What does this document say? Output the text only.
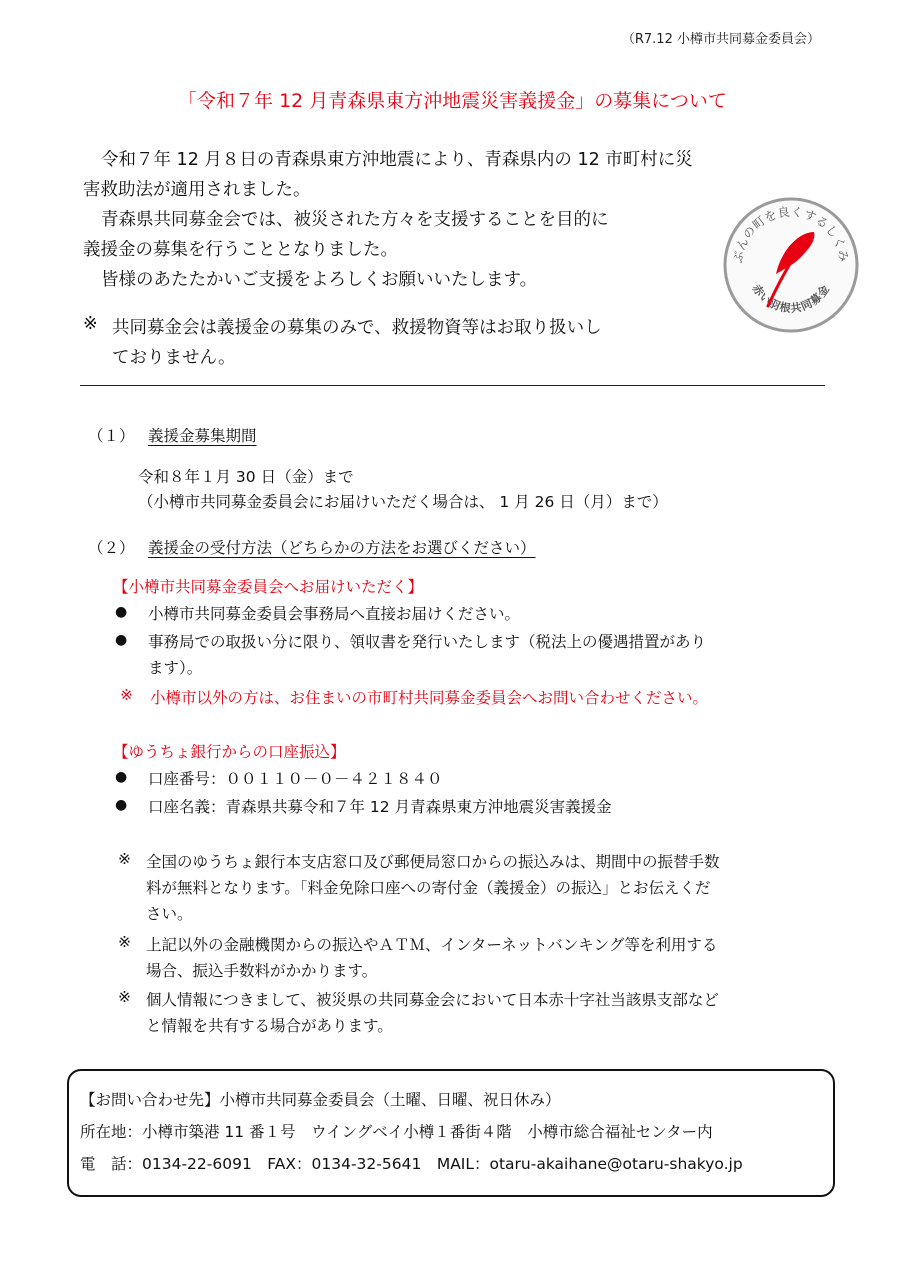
（R7.12 小樽市共同募金委員会）
「令和７年 12 月青森県東方沖地震災害義援金」の募集について
令和７年 12 月８日の青森県東方沖地震により、青森県内の 12 市町村に災
害救助法が適用されました。
青森県共同募金会では、被災された方々を支援することを目的に
義援金の募集を行うこととなりました。
皆様のあたたかいご支援をよろしくお願いいたします。
※ 共同募金会は義援金の募集のみで、救援物資等はお取り扱いし
ておりません。
ぶんの町を良くするしくみ
赤い羽根共同募金
（１） 義援金募集期間
令和８年１月 30 日（金）まで
（小樽市共同募金委員会にお届けいただく場合は、 1 月 26 日（月）まで）
（２） 義援金の受付方法（どちらかの方法をお選びください）
【小樽市共同募金委員会へお届けいただく】
● 小樽市共同募金委員会事務局へ直接お届けください。
● 事務局での取扱い分に限り、領収書を発行いたします（税法上の優遇措置があり
ます）。
※ 小樽市以外の方は、お住まいの市町村共同募金委員会へお問い合わせください。
【ゆうちょ銀行からの口座振込】
● 口座番号：００１１０－０－４２１８４０
● 口座名義：青森県共募令和７年 12 月青森県東方沖地震災害義援金
※ 全国のゆうちょ銀行本支店窓口及び郵便局窓口からの振込みは、期間中の振替手数
料が無料となります。「料金免除口座への寄付金（義援金）の振込」とお伝えくだ
さい。
※ 上記以外の金融機関からの振込やＡＴＭ、インターネットバンキング等を利用する
場合、振込手数料がかかります。
※ 個人情報につきまして、被災県の共同募金会において日本赤十字社当該県支部など
と情報を共有する場合があります。
【お問い合わせ先】小樽市共同募金委員会（土曜、日曜、祝日休み）
所在地：小樽市築港 11 番１号　ウイングベイ小樽１番街４階　小樽市総合福祉センター内
電　話：0134-22-6091　FAX：0134-32-5641　MAIL：otaru-akaihane@otaru-shakyo.jp
